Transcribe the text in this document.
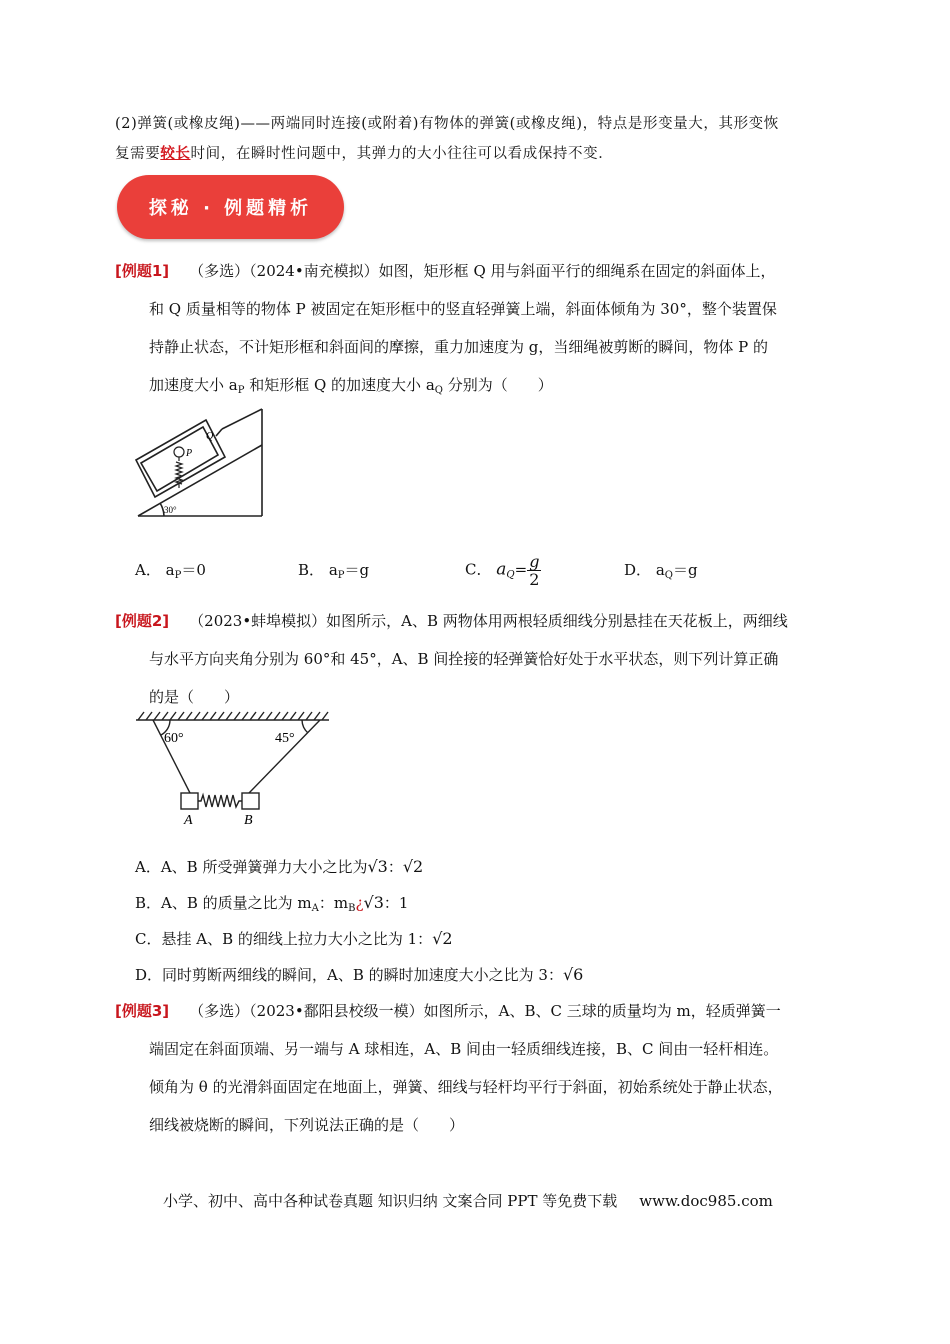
(2)弹簧(或橡皮绳)——两端同时连接(或附着)有物体的弹簧(或橡皮绳)，特点是形变量大，其形变恢
复需要较长时间，在瞬时性问题中，其弹力的大小往往可以看成保持不变．
探秘 · 例题精析
[例题1] （多选）（2024•南充模拟）如图，矩形框 Q 用与斜面平行的细绳系在固定的斜面体上，
和 Q 质量相等的物体 P 被固定在矩形框中的竖直轻弹簧上端，斜面体倾角为 30°，整个装置保
持静止状态，不计矩形框和斜面间的摩擦，重力加速度为 g，当细绳被剪断的瞬间，物体 P 的
加速度大小 $a_P$ 和矩形框 Q 的加速度大小 $a_Q$ 分别为（　　）
P
Q
30°
A． $a_P=0$	B． $a_P=g$	C． $a_Q= \frac{g}{2}$	D． $a_Q=g$
[例题2] （2023•蚌埠模拟）如图所示，A、B 两物体用两根轻质细线分别悬挂在天花板上，两细线
与水平方向夹角分别为 60°和 45°，A、B 间拴接的轻弹簧恰好处于水平状态，则下列计算正确
的是（　　）
60°	45°
A	B
A．A、B 所受弹簧弹力大小之比为√3：√2
B．A、B 的质量之比为 $m_A$：$m_B¿√3$：1
C．悬挂 A、B 的细线上拉力大小之比为 1：√2
D．同时剪断两细线的瞬间，A、B 的瞬时加速度大小之比为 3：√6
[例题3] （多选）（2023•鄱阳县校级一模）如图所示，A、B、C 三球的质量均为 m，轻质弹簧一
端固定在斜面顶端、另一端与 A 球相连，A、B 间由一轻质细线连接，B、C 间由一轻杆相连。
倾角为 θ 的光滑斜面固定在地面上，弹簧、细线与轻杆均平行于斜面，初始系统处于静止状态，
细线被烧断的瞬间，下列说法正确的是（　　）
小学、初中、高中各种试卷真题 知识归纳 文案合同 PPT 等免费下载 www.doc985.com
